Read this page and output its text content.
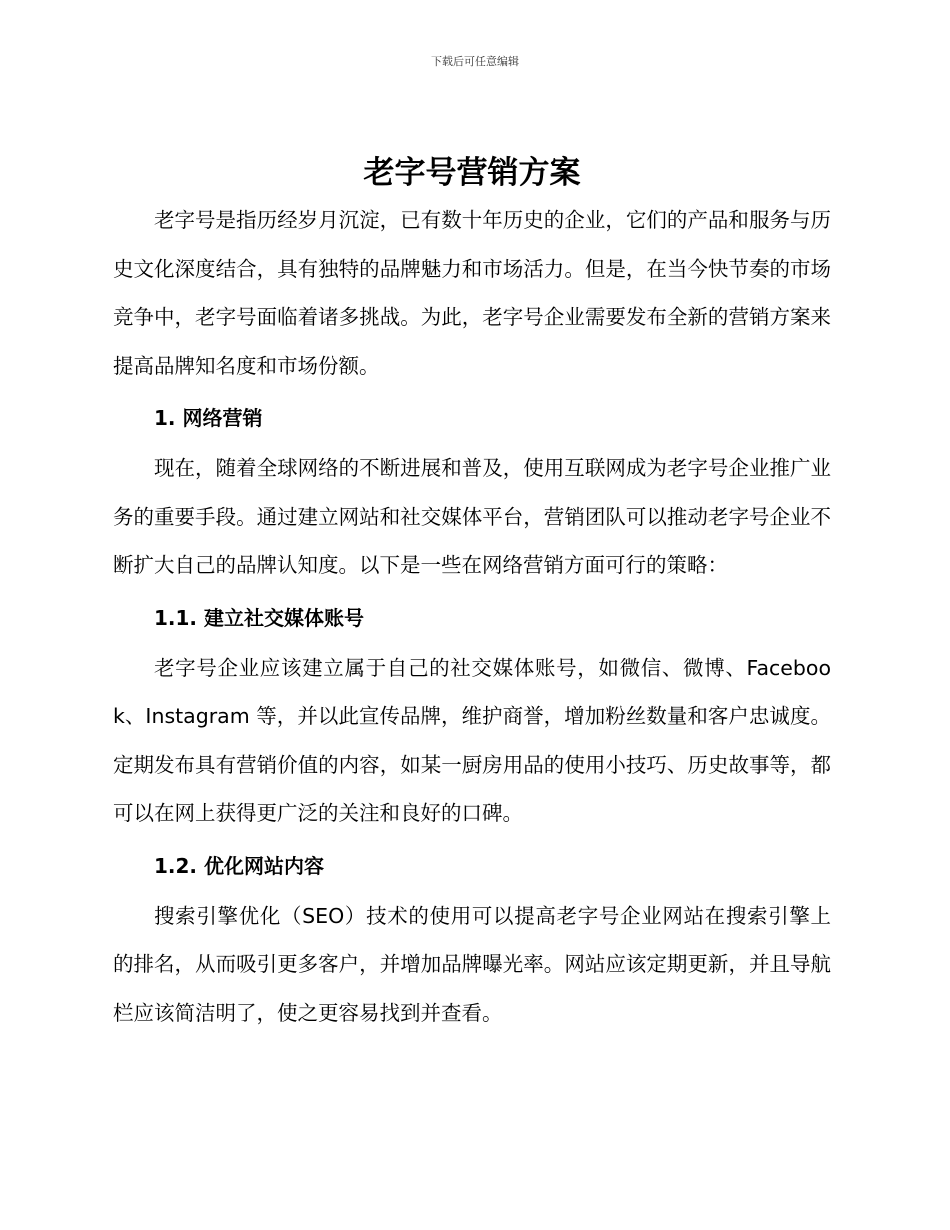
下载后可任意编辑
老字号营销方案

老字号是指历经岁月沉淀，已有数十年历史的企业，它们的产品和服务与历史文化深度结合，具有独特的品牌魅力和市场活力。但是，在当今快节奏的市场竞争中，老字号面临着诸多挑战。为此，老字号企业需要发布全新的营销方案来提高品牌知名度和市场份额。

1. 网络营销

现在，随着全球网络的不断进展和普及，使用互联网成为老字号企业推广业务的重要手段。通过建立网站和社交媒体平台，营销团队可以推动老字号企业不断扩大自己的品牌认知度。以下是一些在网络营销方面可行的策略：

1.1. 建立社交媒体账号

老字号企业应该建立属于自己的社交媒体账号，如微信、微博、Facebook、Instagram 等，并以此宣传品牌，维护商誉，增加粉丝数量和客户忠诚度。定期发布具有营销价值的内容，如某一厨房用品的使用小技巧、历史故事等，都可以在网上获得更广泛的关注和良好的口碑。

1.2. 优化网站内容

搜索引擎优化（SEO）技术的使用可以提高老字号企业网站在搜索引擎上的排名，从而吸引更多客户，并增加品牌曝光率。网站应该定期更新，并且导航栏应该简洁明了，使之更容易找到并查看。
